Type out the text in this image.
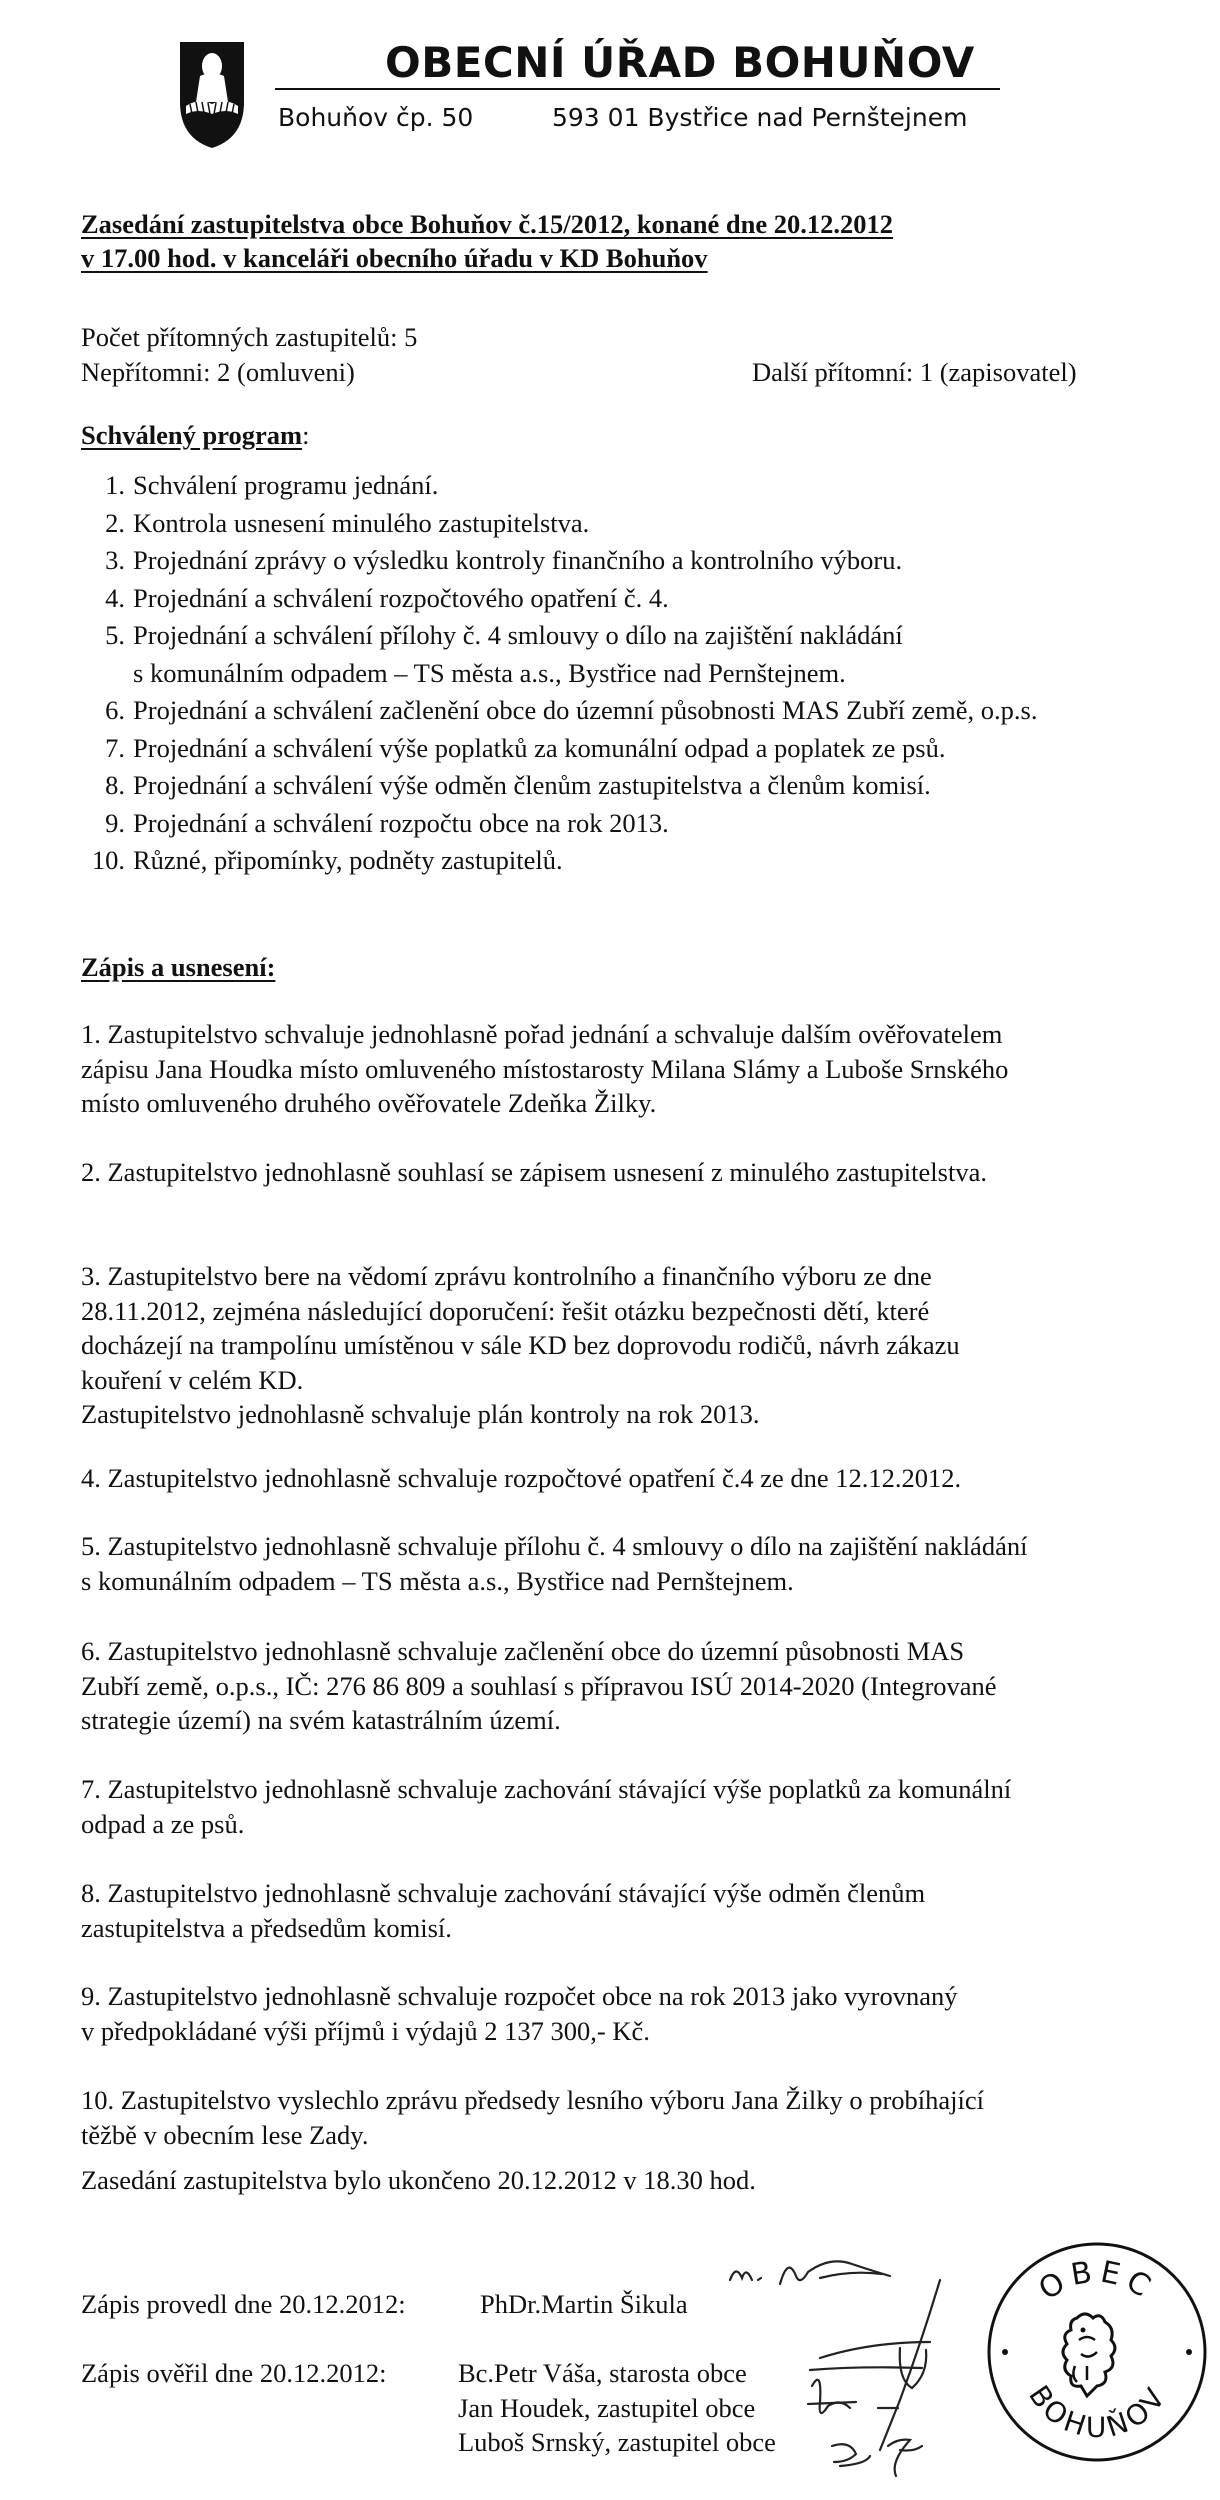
OBECNÍ ÚŘAD BOHUŇOV
Bohuňov čp. 50	593 01 Bystřice nad Pernštejnem
Zasedání zastupitelstva obce Bohuňov č.15/2012, konané dne 20.12.2012
v 17.00 hod. v kanceláři obecního úřadu v KD Bohuňov
Počet přítomných zastupitelů: 5
Nepřítomni: 2 (omluveni)	Další přítomní: 1 (zapisovatel)
Schválený program:
1. Schválení programu jednání.
2. Kontrola usnesení minulého zastupitelstva.
3. Projednání zprávy o výsledku kontroly finančního a kontrolního výboru.
4. Projednání a schválení rozpočtového opatření č. 4.
5. Projednání a schválení přílohy č. 4 smlouvy o dílo na zajištění nakládání
s komunálním odpadem – TS města a.s., Bystřice nad Pernštejnem.
6. Projednání a schválení začlenění obce do územní působnosti MAS Zubří země, o.p.s.
7. Projednání a schválení výše poplatků za komunální odpad a poplatek ze psů.
8. Projednání a schválení výše odměn členům zastupitelstva a členům komisí.
9. Projednání a schválení rozpočtu obce na rok 2013.
10. Různé, připomínky, podněty zastupitelů.
Zápis a usnesení:
1. Zastupitelstvo schvaluje jednohlasně pořad jednání a schvaluje dalším ověřovatelem
zápisu Jana Houdka místo omluveného místostarosty Milana Slámy a Luboše Srnského
místo omluveného druhého ověřovatele Zdeňka Žilky.
2. Zastupitelstvo jednohlasně souhlasí se zápisem usnesení z minulého zastupitelstva.
3. Zastupitelstvo bere na vědomí zprávu kontrolního a finančního výboru ze dne
28.11.2012, zejména následující doporučení: řešit otázku bezpečnosti dětí, které
docházejí na trampolínu umístěnou v sále KD bez doprovodu rodičů, návrh zákazu
kouření v celém KD.
Zastupitelstvo jednohlasně schvaluje plán kontroly na rok 2013.
4. Zastupitelstvo jednohlasně schvaluje rozpočtové opatření č.4 ze dne 12.12.2012.
5. Zastupitelstvo jednohlasně schvaluje přílohu č. 4 smlouvy o dílo na zajištění nakládání
s komunálním odpadem – TS města a.s., Bystřice nad Pernštejnem.
6. Zastupitelstvo jednohlasně schvaluje začlenění obce do územní působnosti MAS
Zubří země, o.p.s., IČ: 276 86 809 a souhlasí s přípravou ISÚ 2014-2020 (Integrované
strategie území) na svém katastrálním území.
7. Zastupitelstvo jednohlasně schvaluje zachování stávající výše poplatků za komunální
odpad a ze psů.
8. Zastupitelstvo jednohlasně schvaluje zachování stávající výše odměn členům
zastupitelstva a předsedům komisí.
9. Zastupitelstvo jednohlasně schvaluje rozpočet obce na rok 2013 jako vyrovnaný
v předpokládané výši příjmů i výdajů 2 137 300,- Kč.
10. Zastupitelstvo vyslechlo zprávu předsedy lesního výboru Jana Žilky o probíhající
těžbě v obecním lese Zady.
Zasedání zastupitelstva bylo ukončeno 20.12.2012 v 18.30 hod.
Zápis provedl dne 20.12.2012:	PhDr.Martin Šikula
Zápis ověřil dne 20.12.2012:	Bc.Petr Váša, starosta obce
Jan Houdek, zastupitel obce
Luboš Srnský, zastupitel obce
OBEC
BOHUŇOV
